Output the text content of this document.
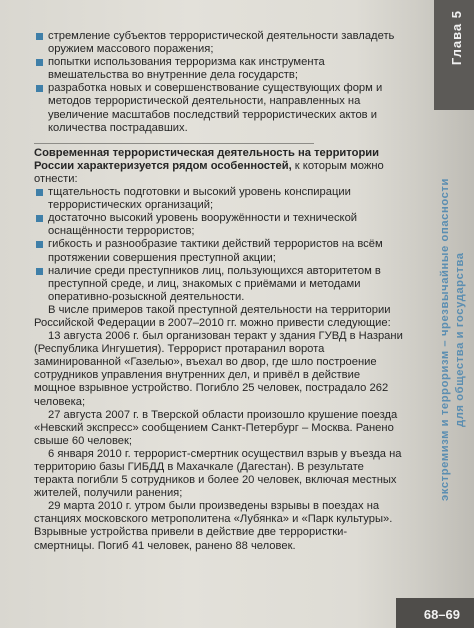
Глава 5
экстремизм и терроризм – чрезвычайные опасности для общества и государства

стремление субъектов террористической деятельности завладеть оружием массового поражения;

попытки использования терроризма как инструмента вмешательства во внутренние дела государств;

разработка новых и совершенствование существующих форм и методов террористической деятельности, направленных на увеличение масштабов последствий террористических актов и количества пострадавших.

Современная террористическая деятельность на территории России характеризуется рядом особенностей, к которым можно отнести:

тщательность подготовки и высокий уровень конспирации террористических организаций;

достаточно высокий уровень вооружённости и технической оснащённости террористов;

гибкость и разнообразие тактики действий террористов на всём протяжении совершения преступной акции;

наличие среди преступников лиц, пользующихся авторитетом в преступной среде, и лиц, знакомых с приёмами и методами оперативно-розыскной деятельности.

В числе примеров такой преступной деятельности на территории Российской Федерации в 2007–2010 гг. можно привести следующие:

13 августа 2006 г. был организован теракт у здания ГУВД в Назрани (Республика Ингушетия). Террорист протаранил ворота заминированной «Газелью», въехал во двор, где шло построение сотрудников управления внутренних дел, и привёл в действие мощное взрывное устройство. Погибло 25 человек, пострадало 262 человека;

27 августа 2007 г. в Тверской области произошло крушение поезда «Невский экспресс» сообщением Санкт-Петербург – Москва. Ранено свыше 60 человек;

6 января 2010 г. террорист-смертник осуществил взрыв у въезда на территорию базы ГИБДД в Махачкале (Дагестан). В результате теракта погибли 5 сотрудников и более 20 человек, включая местных жителей, получили ранения;

29 марта 2010 г. утром были произведены взрывы в поездах на станциях московского метрополитена «Лубянка» и «Парк культуры». Взрывные устройства привели в действие две террористки-смертницы. Погиб 41 человек, ранено 88 человек.

68–69
